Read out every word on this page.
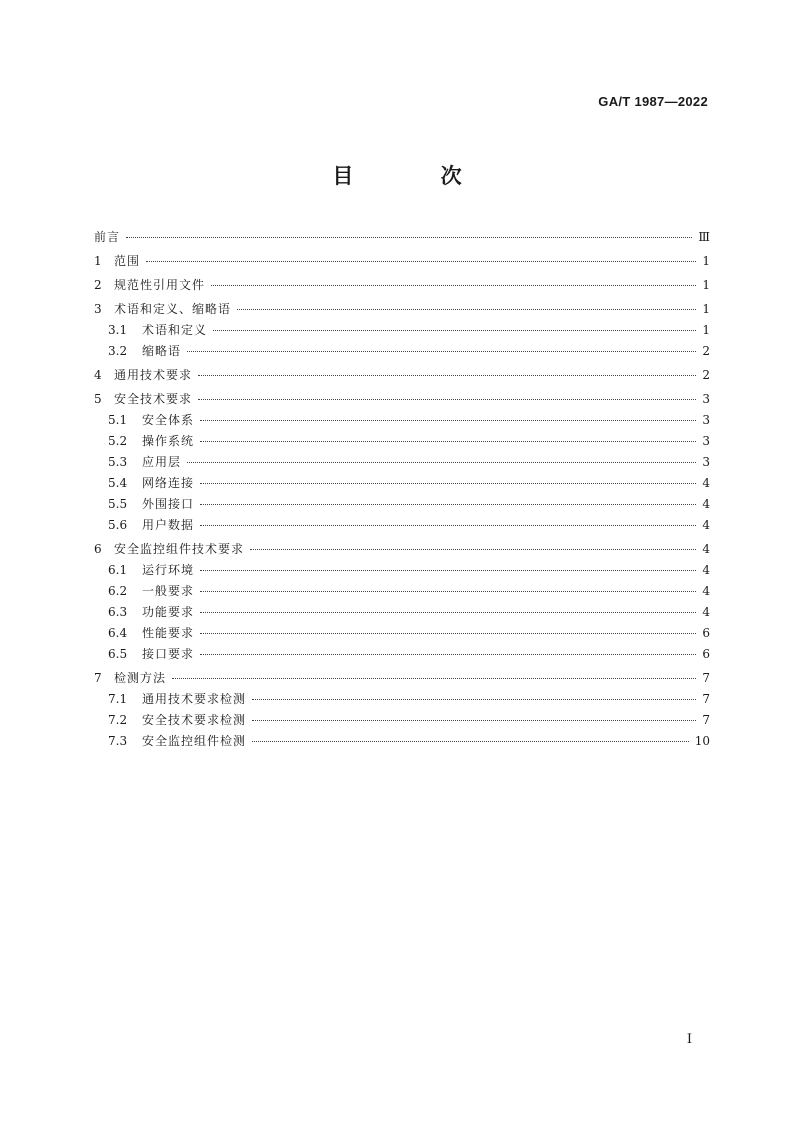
GA/T 1987—2022
目 次
前言	Ⅲ
1	范围	1
2	规范性引用文件	1
3	术语和定义、缩略语	1
3.1	术语和定义	1
3.2	缩略语	2
4	通用技术要求	2
5	安全技术要求	3
5.1	安全体系	3
5.2	操作系统	3
5.3	应用层	3
5.4	网络连接	4
5.5	外围接口	4
5.6	用户数据	4
6	安全监控组件技术要求	4
6.1	运行环境	4
6.2	一般要求	4
6.3	功能要求	4
6.4	性能要求	6
6.5	接口要求	6
7	检测方法	7
7.1	通用技术要求检测	7
7.2	安全技术要求检测	7
7.3	安全监控组件检测	10
I
